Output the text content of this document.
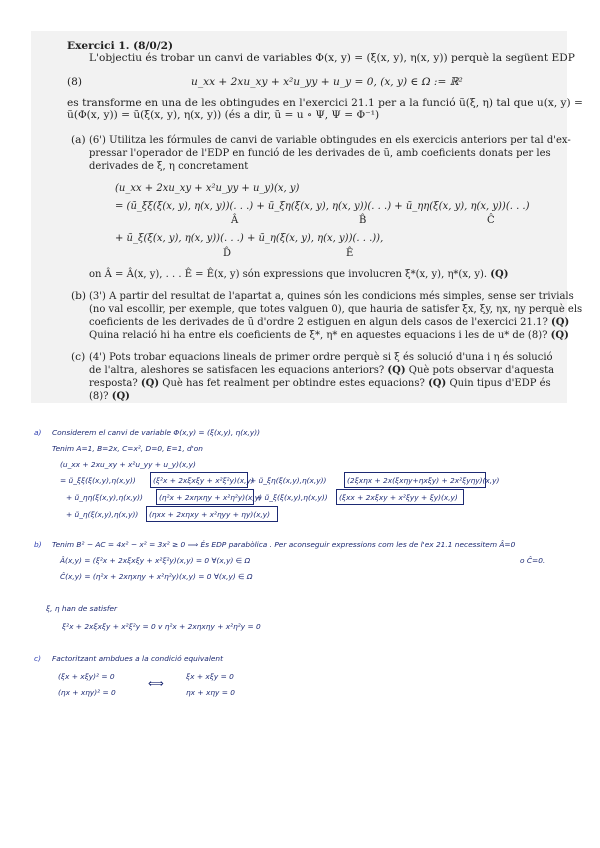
Exercici 1. (8/0/2)
L'objectiu és trobar un canvi de variables Φ(x, y) = (ξ(x, y), η(x, y)) perquè la següent EDP
(8)	u_xx + 2xu_xy + x²u_yy + u_y = 0, (x, y) ∈ Ω := ℝ²
es transforme en una de les obtingudes en l'exercici 21.1 per a la funció ũ(ξ, η) tal que u(x, y) =
ũ(Φ(x, y)) = ũ(ξ(x, y), η(x, y)) (és a dir, ũ = u ∘ Ψ, Ψ = Φ⁻¹)
(a) (6') Utilitza les fórmules de canvi de variable obtingudes en els exercicis anteriors per tal d'ex-
pressar l'operador de l'EDP en funció de les derivades de ũ, amb coeficients donats per les
derivades de ξ, η concretament
(u_xx + 2xu_xy + x²u_yy + u_y)(x, y)
= (ũ_ξξ(ξ(x, y), η(x, y))(. . .) + ũ_ξη(ξ(x, y), η(x, y))(. . .) + ũ_ηη(ξ(x, y), η(x, y))(. . .)
Â	B̂	Ĉ
+ ũ_ξ(ξ(x, y), η(x, y))(. . .) + ũ_η(ξ(x, y), η(x, y))(. . .)),
D̂	Ê
on Â = Â(x, y), . . . Ê = Ê(x, y) són expressions que involucren ξ*(x, y), η*(x, y). (Q)
(b) (3') A partir del resultat de l'apartat a, quines són les condicions més simples, sense ser trivials
(no val escollir, per exemple, que totes valguen 0), que hauria de satisfer ξx, ξy, ηx, ηy perquè els
coeficients de les derivades de ũ d'ordre 2 estiguen en algun dels casos de l'exercici 21.1? (Q)
Quina relació hi ha entre els coeficients de ξ*, η* en aquestes equacions i les de u* de (8)? (Q)
(c) (4') Pots trobar equacions lineals de primer ordre perquè si ξ és solució d'una i η és solució
de l'altra, aleshores se satisfacen les equacions anteriors? (Q) Què pots observar d'aquesta
resposta? (Q) Què has fet realment per obtindre estes equacions? (Q) Quin tipus d'EDP és
(8)? (Q)
a) Considerem el canvi de variable Φ(x,y) = (ξ(x,y), η(x,y))
Tenim A=1, B=2x, C=x², D=0, E=1, d'on
(u_xx + 2xu_xy + x²u_yy + u_y)(x,y)
= ũ_ξξ(ξ(x,y),η(x,y)) (ξ²x + 2xξxξy + x²ξ²y)(x,y)
+ ũ_ξη(ξ(x,y),η(x,y))	(2ξxηx + 2x(ξxηy+ηxξy) + 2x²ξyηy)(x,y)
+ ũ_ηη(ξ(x,y),η(x,y)) (η²x + 2xηxηy + x²η²y)(x,y)
+ ũ_ξ(ξ(x,y),η(x,y)) (ξxx + 2xξxy + x²ξyy + ξy)(x,y)
+ ũ_η(ξ(x,y),η(x,y)) (ηxx + 2xηxy + x²ηyy + ηy)(x,y)
b) Tenim B² − AC = 4x² − x² = 3x² ≥ 0 ⟹ És EDP parabòlica . Per aconseguir expressions com les de l'ex 21.1 necessitem Â=0
Â(x,y) = (ξ²x + 2xξxξy + x²ξ²y)(x,y) = 0 ∀(x,y) ∈ Ω	o Ĉ=0.
Ĉ(x,y) = (η²x + 2xηxηy + x²η²y)(x,y) = 0 ∀(x,y) ∈ Ω
ξ, η han de satisfer
ξ²x + 2xξxξy + x²ξ²y = 0 v η²x + 2xηxηy + x²η²y = 0
c) Factoritzant ambdues a la condició equivalent
(ξx + xξy)² = 0
(ηx + xηy)² = 0
⟺
ξx + xξy = 0
ηx + xηy = 0
